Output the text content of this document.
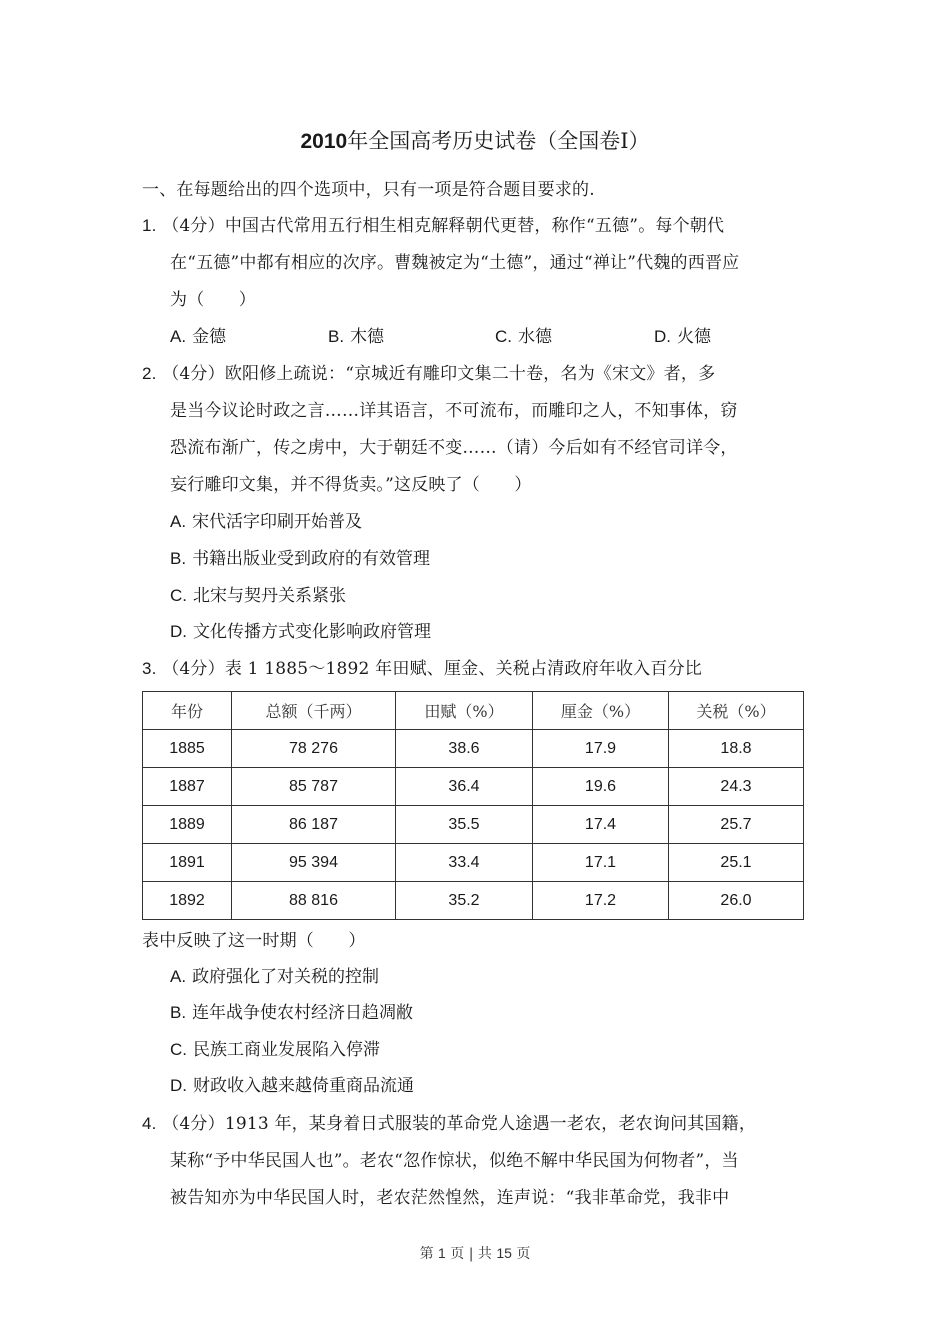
2010年全国高考历史试卷（全国卷Ⅰ）
一、在每题给出的四个选项中，只有一项是符合题目要求的.
1. （4分）中国古代常用五行相生相克解释朝代更替，称作“五德”。每个朝代
在“五德”中都有相应的次序。曹魏被定为“土德”，通过“禅让”代魏的西晋应
为（　　）
A. 金德	B. 木德	C. 水德	D. 火德
2. （4分）欧阳修上疏说：“京城近有雕印文集二十卷，名为《宋文》者，多
是当今议论时政之言……详其语言，不可流布，而雕印之人，不知事体，窃
恐流布渐广，传之虏中，大于朝廷不变……（请）今后如有不经官司详令，
妄行雕印文集，并不得货卖。”这反映了（　　）
A. 宋代活字印刷开始普及
B. 书籍出版业受到政府的有效管理
C. 北宋与契丹关系紧张
D. 文化传播方式变化影响政府管理
3. （4分）表 1 1885～1892 年田赋、厘金、关税占清政府年收入百分比
年份	总额（千两）	田赋（%）	厘金（%）	关税（%）
1885	78 276	38.6	17.9	18.8
1887	85 787	36.4	19.6	24.3
1889	86 187	35.5	17.4	25.7
1891	95 394	33.4	17.1	25.1
1892	88 816	35.2	17.2	26.0
表中反映了这一时期（　　）
A. 政府强化了对关税的控制
B. 连年战争使农村经济日趋凋敝
C. 民族工商业发展陷入停滞
D. 财政收入越来越倚重商品流通
4. （4分）1913 年，某身着日式服装的革命党人途遇一老农，老农询问其国籍，
某称“予中华民国人也”。老农“忽作惊状，似绝不解中华民国为何物者”，当
被告知亦为中华民国人时，老农茫然惶然，连声说：“我非革命党，我非中
第 1 页 | 共 15 页
